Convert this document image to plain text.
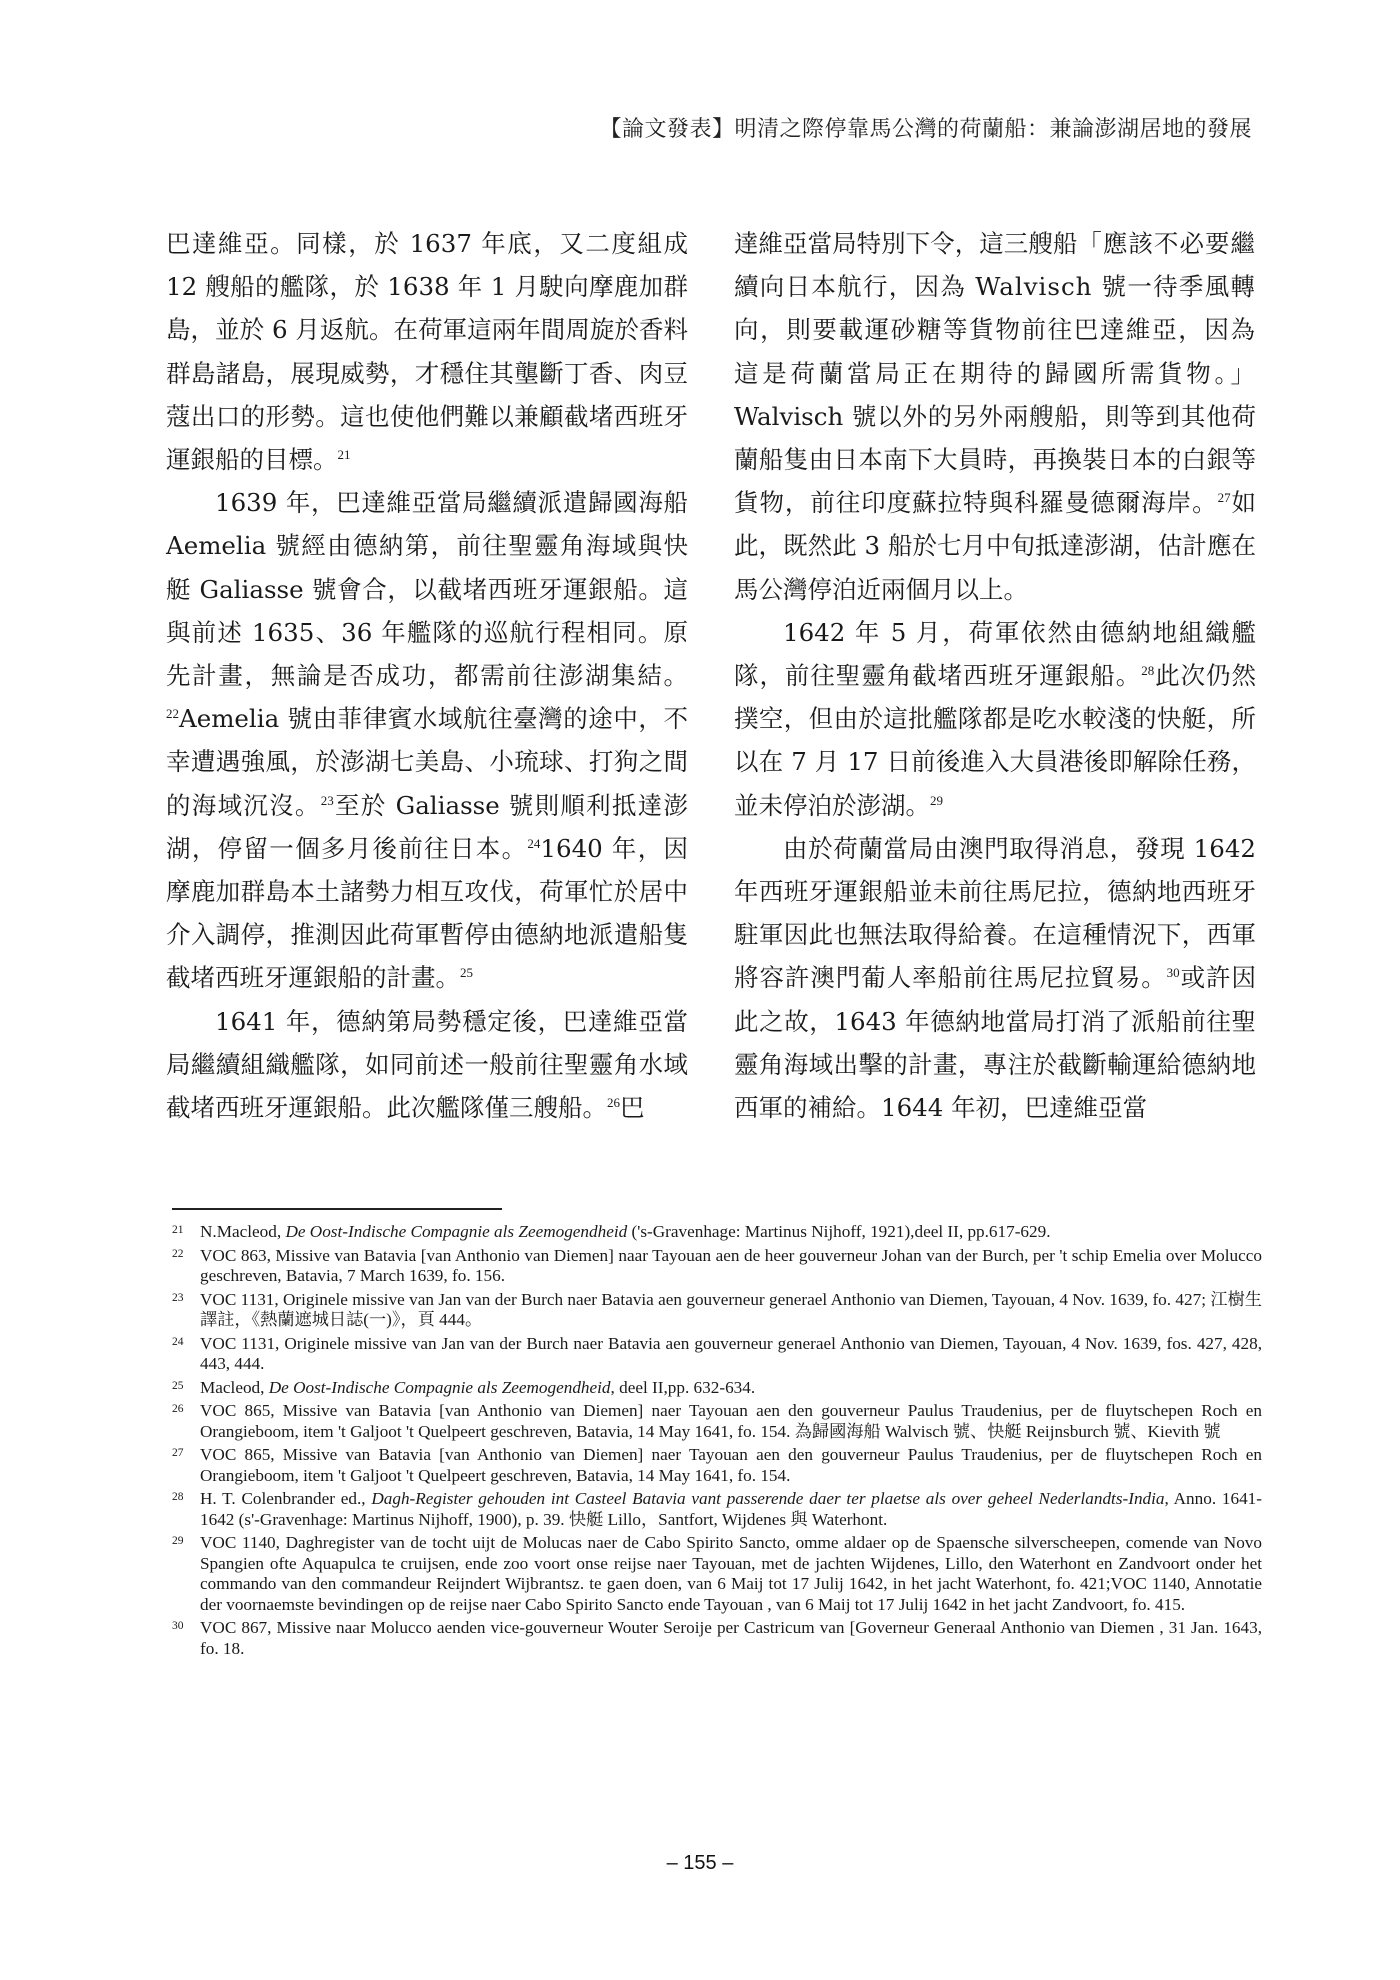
【論文發表】明清之際停靠馬公灣的荷蘭船：兼論澎湖居地的發展

巴達維亞。同樣，於 1637 年底，又二度組成 12 艘船的艦隊，於 1638 年 1 月駛向摩鹿加群島，並於 6 月返航。在荷軍這兩年間周旋於香料群島諸島，展現威勢，才穩住其壟斷丁香、肉豆蔻出口的形勢。這也使他們難以兼顧截堵西班牙運銀船的目標。$^{21}$

1639 年，巴達維亞當局繼續派遣歸國海船 Aemelia 號經由德納第，前往聖靈角海域與快艇 Galiasse 號會合，以截堵西班牙運銀船。這與前述 1635、36 年艦隊的巡航行程相同。原先計畫，無論是否成功，都需前往澎湖集結。$^{22}$Aemelia 號由菲律賓水域航往臺灣的途中，不幸遭遇強風，於澎湖七美島、小琉球、打狗之間的海域沉沒。$^{23}$至於 Galiasse 號則順利抵達澎湖，停留一個多月後前往日本。$^{24}$1640 年，因摩鹿加群島本土諸勢力相互攻伐，荷軍忙於居中介入調停，推測因此荷軍暫停由德納地派遣船隻截堵西班牙運銀船的計畫。$^{25}$

1641 年，德納第局勢穩定後，巴達維亞當局繼續組織艦隊，如同前述一般前往聖靈角水域截堵西班牙運銀船。此次艦隊僅三艘船。$^{26}$巴

達維亞當局特別下令，這三艘船「應該不必要繼續向日本航行，因為 Walvisch 號一待季風轉向，則要載運砂糖等貨物前往巴達維亞，因為這是荷蘭當局正在期待的歸國所需貨物。」Walvisch 號以外的另外兩艘船，則等到其他荷蘭船隻由日本南下大員時，再換裝日本的白銀等貨物，前往印度蘇拉特與科羅曼德爾海岸。$^{27}$如此，既然此 3 船於七月中旬抵達澎湖，估計應在馬公灣停泊近兩個月以上。

1642 年 5 月，荷軍依然由德納地組織艦隊，前往聖靈角截堵西班牙運銀船。$^{28}$此次仍然撲空，但由於這批艦隊都是吃水較淺的快艇，所以在 7 月 17 日前後進入大員港後即解除任務，並未停泊於澎湖。$^{29}$

由於荷蘭當局由澳門取得消息，發現 1642 年西班牙運銀船並未前往馬尼拉，德納地西班牙駐軍因此也無法取得給養。在這種情況下，西軍將容許澳門葡人率船前往馬尼拉貿易。$^{30}$或許因此之故，1643 年德納地當局打消了派船前往聖靈角海域出擊的計畫，專注於截斷輸運給德納地西軍的補給。1644 年初，巴達維亞當

21 N.Macleod, De Oost-Indische Compagnie als Zeemogendheid ('s-Gravenhage: Martinus Nijhoff, 1921),deel II, pp.617-629.
22 VOC 863, Missive van Batavia [van Anthonio van Diemen] naar Tayouan aen de heer gouverneur Johan van der Burch, per 't schip Emelia over Molucco geschreven, Batavia, 7 March 1639, fo. 156.
23 VOC 1131, Originele missive van Jan van der Burch naer Batavia aen gouverneur generael Anthonio van Diemen, Tayouan, 4 Nov. 1639, fo. 427; 江樹生譯註，《熱蘭遮城日誌(一)》，頁 444。
24 VOC 1131, Originele missive van Jan van der Burch naer Batavia aen gouverneur generael Anthonio van Diemen, Tayouan, 4 Nov. 1639, fos. 427, 428, 443, 444.
25 Macleod, De Oost-Indische Compagnie als Zeemogendheid, deel II,pp. 632-634.
26 VOC 865, Missive van Batavia [van Anthonio van Diemen] naer Tayouan aen den gouverneur Paulus Traudenius, per de fluytschepen Roch en Orangieboom, item 't Galjoot 't Quelpeert geschreven, Batavia, 14 May 1641, fo. 154. 為歸國海船 Walvisch 號、快艇 Reijnsburch 號、Kievith 號
27 VOC 865, Missive van Batavia [van Anthonio van Diemen] naer Tayouan aen den gouverneur Paulus Traudenius, per de fluytschepen Roch en Orangieboom, item 't Galjoot 't Quelpeert geschreven, Batavia, 14 May 1641, fo. 154.
28 H. T. Colenbrander ed., Dagh-Register gehouden int Casteel Batavia vant passerende daer ter plaetse als over geheel Nederlandts-India, Anno. 1641-1642 (s'-Gravenhage: Martinus Nijhoff, 1900), p. 39. 快艇 Lillo，Santfort, Wijdenes 與 Waterhont.
29 VOC 1140, Daghregister van de tocht uijt de Molucas naer de Cabo Spirito Sancto, omme aldaer op de Spaensche silverscheepen, comende van Novo Spangien ofte Aquapulca te cruijsen, ende zoo voort onse reijse naer Tayouan, met de jachten Wijdenes, Lillo, den Waterhont en Zandvoort onder het commando van den commandeur Reijndert Wijbrantsz. te gaen doen, van 6 Maij tot 17 Julij 1642, in het jacht Waterhont, fo. 421;VOC 1140, Annotatie der voornaemste bevindingen op de reijse naer Cabo Spirito Sancto ende Tayouan , van 6 Maij tot 17 Julij 1642 in het jacht Zandvoort, fo. 415.
30 VOC 867, Missive naar Molucco aenden vice-gouverneur Wouter Seroije per Castricum van [Governeur Generaal Anthonio van Diemen , 31 Jan. 1643, fo. 18.
– 155 –
